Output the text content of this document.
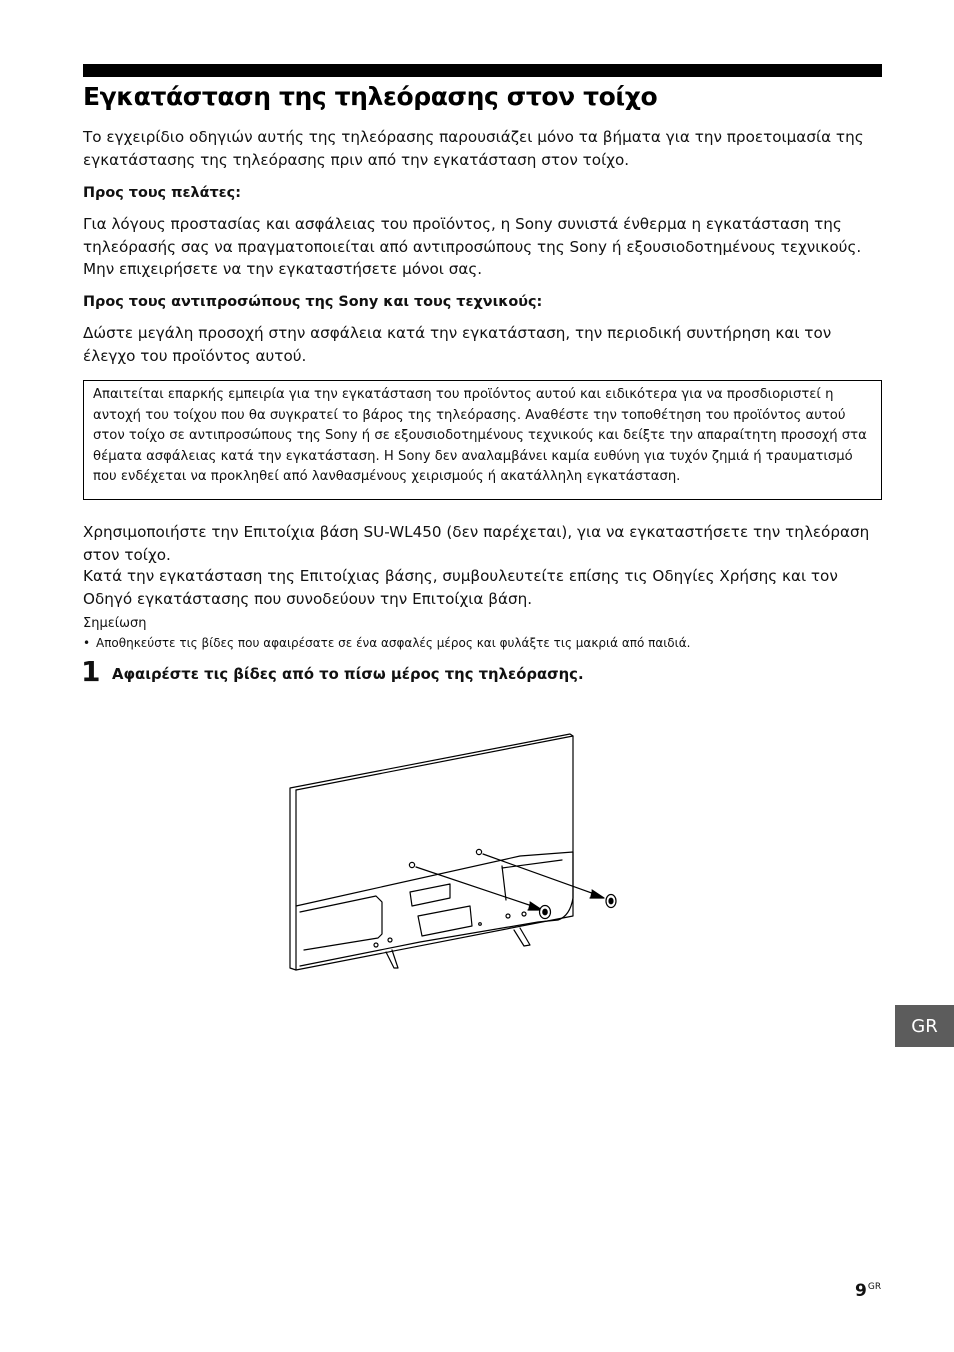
Εγκατάσταση της τηλεόρασης στον τοίχο

Το εγχειρίδιο οδηγιών αυτής της τηλεόρασης παρουσιάζει μόνο τα βήματα για την προετοιμασία της εγκατάστασης της τηλεόρασης πριν από την εγκατάσταση στον τοίχο.

Προς τους πελάτες:

Για λόγους προστασίας και ασφάλειας του προϊόντος, η Sony συνιστά ένθερμα η εγκατάσταση της τηλεόρασής σας να πραγματοποιείται από αντιπροσώπους της Sony ή εξουσιοδοτημένους τεχνικούς. Μην επιχειρήσετε να την εγκαταστήσετε μόνοι σας.

Προς τους αντιπροσώπους της Sony και τους τεχνικούς:

Δώστε μεγάλη προσοχή στην ασφάλεια κατά την εγκατάσταση, την περιοδική συντήρηση και τον έλεγχο του προϊόντος αυτού.

Απαιτείται επαρκής εμπειρία για την εγκατάσταση του προϊόντος αυτού και ειδικότερα για να προσδιοριστεί η αντοχή του τοίχου που θα συγκρατεί το βάρος της τηλεόρασης. Αναθέστε την τοποθέτηση του προϊόντος αυτού στον τοίχο σε αντιπροσώπους της Sony ή σε εξουσιοδοτημένους τεχνικούς και δείξτε την απαραίτητη προσοχή στα θέματα ασφάλειας κατά την εγκατάσταση. Η Sony δεν αναλαμβάνει καμία ευθύνη για τυχόν ζημιά ή τραυματισμό που ενδέχεται να προκληθεί από λανθασμένους χειρισμούς ή ακατάλληλη εγκατάσταση.

Χρησιμοποιήστε την Επιτοίχια βάση SU-WL450 (δεν παρέχεται), για να εγκαταστήσετε την τηλεόραση στον τοίχο.

Κατά την εγκατάσταση της Επιτοίχιας βάσης, συμβουλευτείτε επίσης τις Οδηγίες Χρήσης και τον Οδηγό εγκατάστασης που συνοδεύουν την Επιτοίχια βάση.

Σημείωση
• Αποθηκεύστε τις βίδες που αφαιρέσατε σε ένα ασφαλές μέρος και φυλάξτε τις μακριά από παιδιά.
1 Αφαιρέστε τις βίδες από το πίσω μέρος της τηλεόρασης.
GR
$9^{GR}$
